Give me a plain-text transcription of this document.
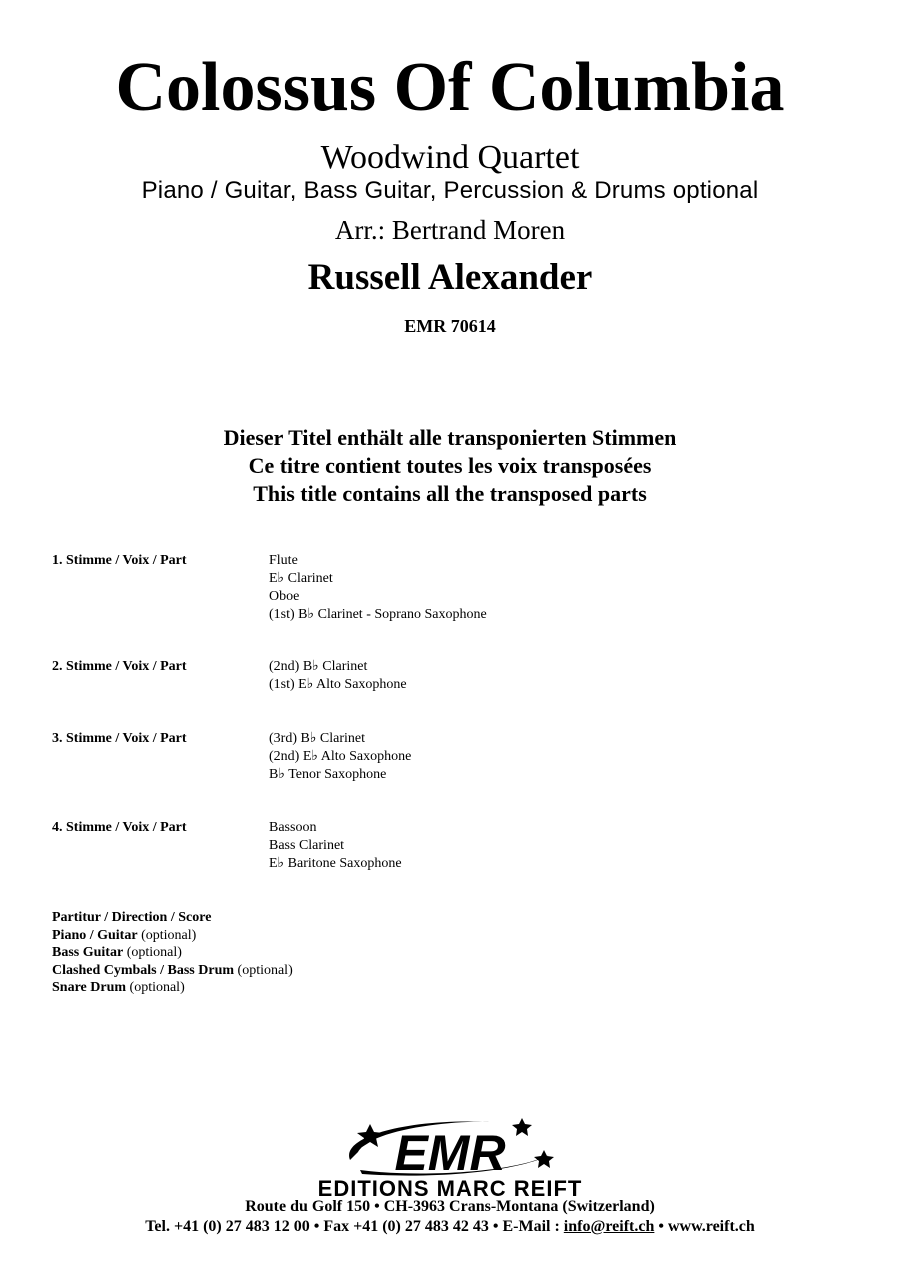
Colossus Of Columbia
Woodwind Quartet
Piano / Guitar, Bass Guitar, Percussion & Drums optional
Arr.: Bertrand Moren
Russell Alexander
EMR 70614
Dieser Titel enthält alle transponierten Stimmen
Ce titre contient toutes les voix transposées
This title contains all the transposed parts
1. Stimme / Voix / Part	Flute
E♭ Clarinet
Oboe
(1st) B♭ Clarinet - Soprano Saxophone
2. Stimme / Voix / Part	(2nd) B♭ Clarinet
(1st) E♭ Alto Saxophone
3. Stimme / Voix / Part	(3rd) B♭ Clarinet
(2nd) E♭ Alto Saxophone
B♭ Tenor Saxophone
4. Stimme / Voix / Part	Bassoon
Bass Clarinet
E♭ Baritone Saxophone
Partitur / Direction / Score
Piano / Guitar (optional)
Bass Guitar (optional)
Clashed Cymbals / Bass Drum (optional)
Snare Drum (optional)
EMR
EDITIONS MARC REIFT
Route du Golf 150 • CH-3963 Crans-Montana (Switzerland)
Tel. +41 (0) 27 483 12 00 • Fax +41 (0) 27 483 42 43 • E-Mail : info@reift.ch • www.reift.ch
